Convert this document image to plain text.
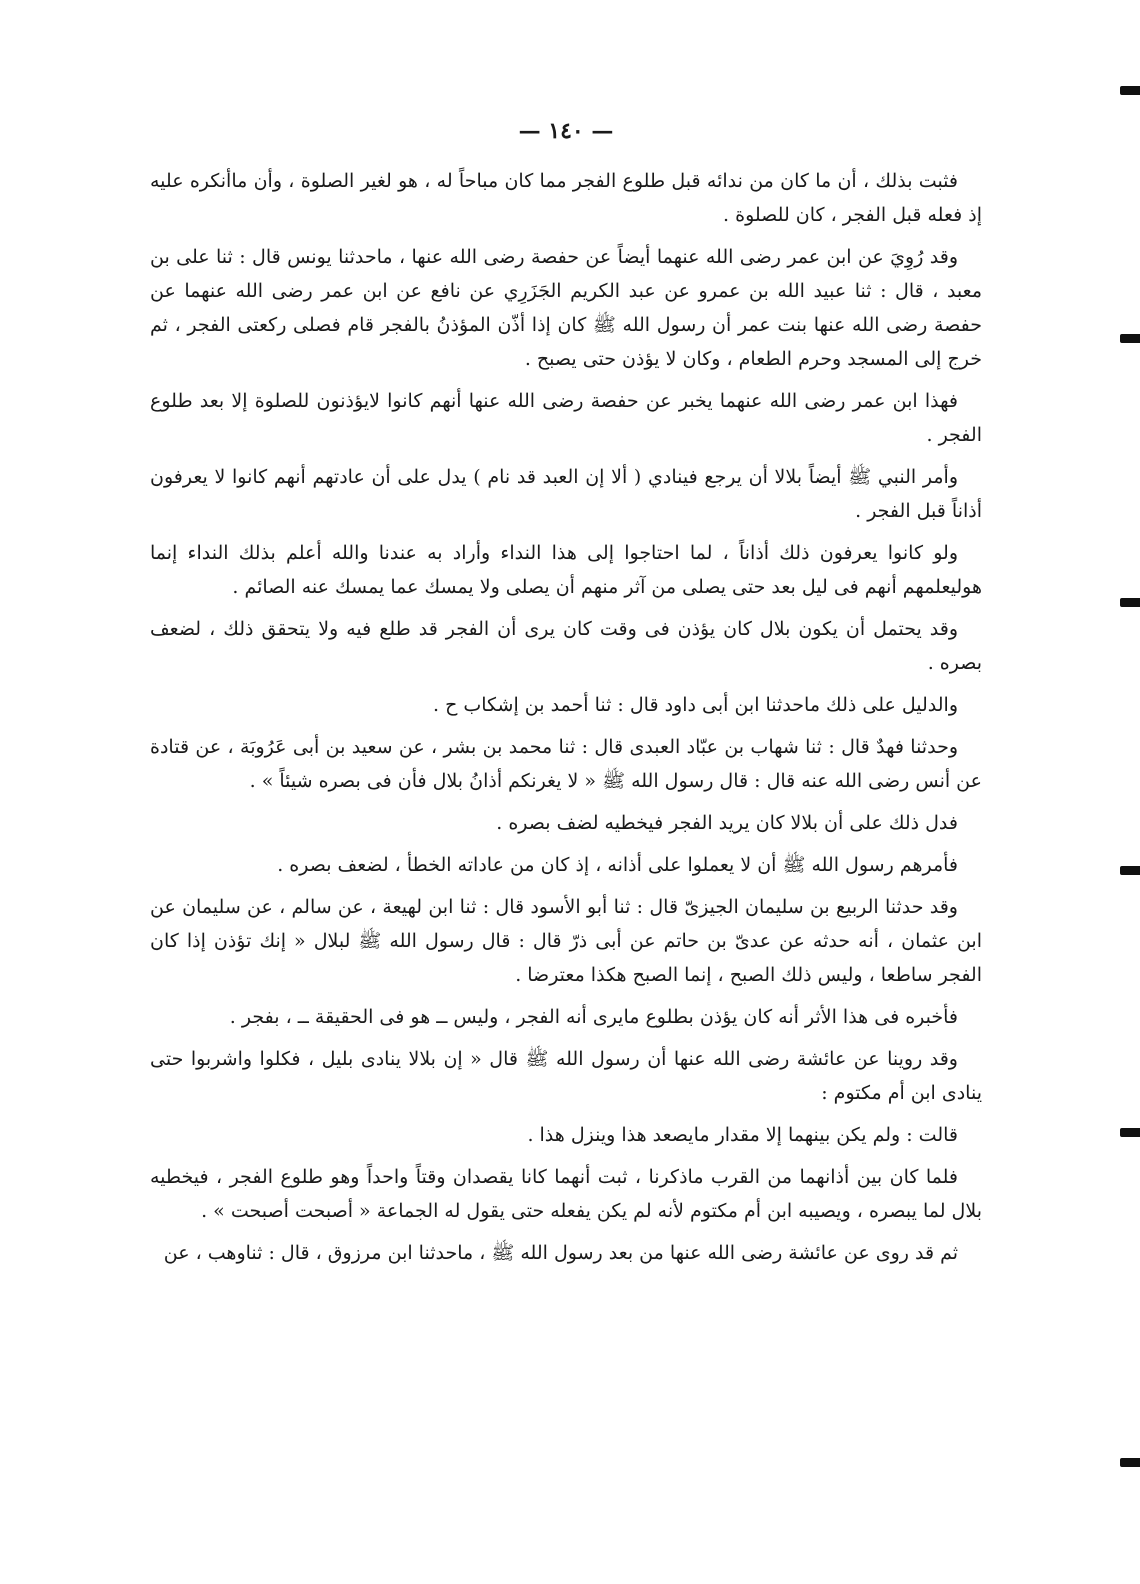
— ١٤٠ —

فثبت بذلك ، أن ما كان من ندائه قبل طلوع الفجر مما كان مباحاً له ، هو لغير الصلوة ، وأن ماأنكره عليه إذ فعله قبل الفجر ، كان للصلوة .

وقد رُوِيَ عن ابن عمر رضى الله عنهما أيضاً عن حفصة رضى الله عنها ، ماحدثنا يونس قال : ثنا على بن معبد ، قال : ثنا عبيد الله بن عمرو عن عبد الكريم الجَزَرِي عن نافع عن ابن عمر رضى الله عنهما عن حفصة رضى الله عنها بنت عمر أن رسول الله ﷺ كان إذا أذّن المؤذنُ بالفجر قام فصلى ركعتى الفجر ، ثم خرج إلى المسجد وحرم الطعام ، وكان لا يؤذن حتى يصبح .

فهذا ابن عمر رضى الله عنهما يخبر عن حفصة رضى الله عنها أنهم كانوا لايؤذنون للصلوة إلا بعد طلوع الفجر .

وأمر النبي ﷺ أيضاً بلالا أن يرجع فينادي ( ألا إن العبد قد نام ) يدل على أن عادتهم أنهم كانوا لا يعرفون أذاناً قبل الفجر .

ولو كانوا يعرفون ذلك أذاناً ، لما احتاجوا إلى هذا النداء وأراد به عندنا والله أعلم بذلك النداء إنما هوليعلمهم أنهم فى ليل بعد حتى يصلى من آثر منهم أن يصلى ولا يمسك عما يمسك عنه الصائم .

وقد يحتمل أن يكون بلال كان يؤذن فى وقت كان يرى أن الفجر قد طلع فيه ولا يتحقق ذلك ، لضعف بصره .

والدليل على ذلك ماحدثنا ابن أبى داود قال : ثنا أحمد بن إشكاب ح .

وحدثنا فهدٌ قال : ثنا شهاب بن عبّاد العبدى قال : ثنا محمد بن بشر ، عن سعيد بن أبى عَرُوبَة ، عن قتادة عن أنس رضى الله عنه قال : قال رسول الله ﷺ « لا يغرنكم أذانُ بلال فأن فى بصره شيئاً » .

فدل ذلك على أن بلالا كان يريد الفجر فيخطيه لضف بصره .

فأمرهم رسول الله ﷺ أن لا يعملوا على أذانه ، إذ كان من عاداته الخطأ ، لضعف بصره .

وقد حدثنا الربيع بن سليمان الجيزىّ قال : ثنا أبو الأسود قال : ثنا ابن لهيعة ، عن سالم ، عن سليمان عن ابن عثمان ، أنه حدثه عن عدىّ بن حاتم عن أبى ذرّ قال : قال رسول الله ﷺ لبلال « إنك تؤذن إذا كان الفجر ساطعا ، وليس ذلك الصبح ، إنما الصبح هكذا معترضا .

فأخبره فى هذا الأثر أنه كان يؤذن بطلوع مايرى أنه الفجر ، وليس ــ هو فى الحقيقة ــ ، بفجر .

وقد روينا عن عائشة رضى الله عنها أن رسول الله ﷺ قال « إن بلالا ينادى بليل ، فكلوا واشربوا حتى ينادى ابن أم مكتوم :

قالت : ولم يكن بينهما إلا مقدار مايصعد هذا وينزل هذا .

فلما كان بين أذانهما من القرب ماذكرنا ، ثبت أنهما كانا يقصدان وقتاً واحداً وهو طلوع الفجر ، فيخطيه بلال لما يبصره ، ويصيبه ابن أم مكتوم لأنه لم يكن يفعله حتى يقول له الجماعة « أصبحت أصبحت » .

ثم قد روى عن عائشة رضى الله عنها من بعد رسول الله ﷺ ، ماحدثنا ابن مرزوق ، قال : ثناوهب ، عن
